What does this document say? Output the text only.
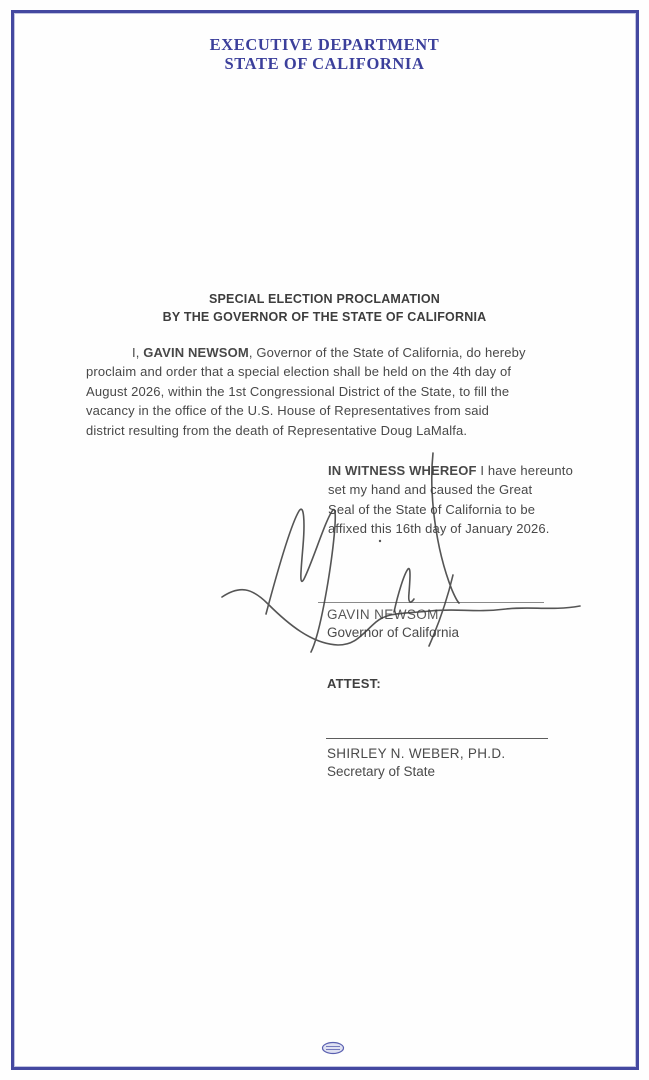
EXECUTIVE DEPARTMENT
STATE OF CALIFORNIA
SPECIAL ELECTION PROCLAMATION
BY THE GOVERNOR OF THE STATE OF CALIFORNIA
I, GAVIN NEWSOM, Governor of the State of California, do hereby
proclaim and order that a special election shall be held on the 4th day of
August 2026, within the 1st Congressional District of the State, to fill the
vacancy in the office of the U.S. House of Representatives from said
district resulting from the death of Representative Doug LaMalfa.
IN WITNESS WHEREOF I have hereunto
set my hand and caused the Great
Seal of the State of California to be
affixed this 16th day of January 2026.
GAVIN NEWSOM
Governor of California
ATTEST:
SHIRLEY N. WEBER, PH.D.
Secretary of State
